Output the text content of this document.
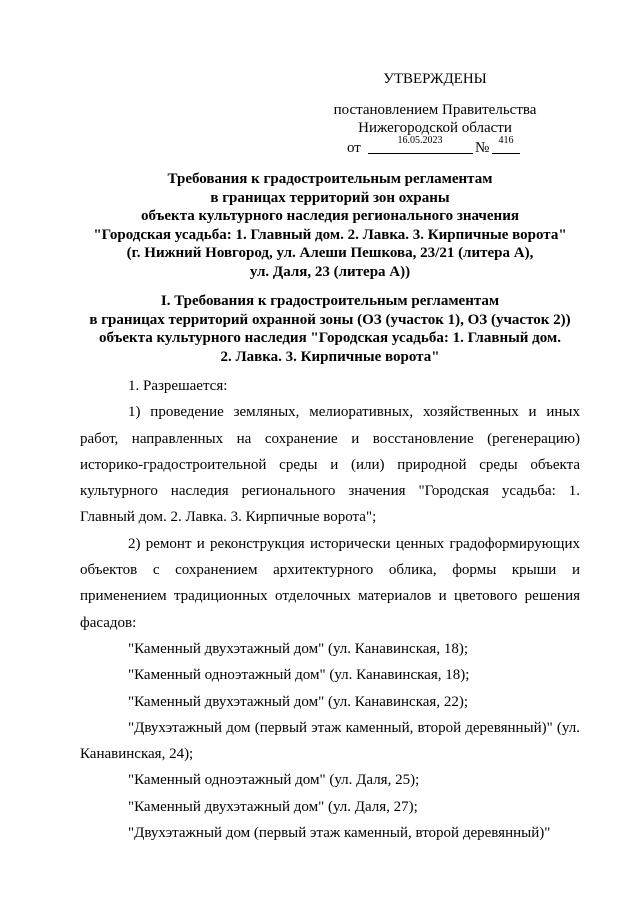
УТВЕРЖДЕНЫ
постановлением Правительства
Нижегородской области
от	16.05.2023	№ 416
Требования к градостроительным регламентам
в границах территорий зон охраны
объекта культурного наследия регионального значения
"Городская усадьба: 1. Главный дом. 2. Лавка. 3. Кирпичные ворота"
(г. Нижний Новгород, ул. Алеши Пешкова, 23/21 (литера А),
ул. Даля, 23 (литера А))
I. Требования к градостроительным регламентам
в границах территорий охранной зоны (ОЗ (участок 1), ОЗ (участок 2))
объекта культурного наследия "Городская усадьба: 1. Главный дом.
2. Лавка. 3. Кирпичные ворота"

1. Разрешается:

1) проведение земляных, мелиоративных, хозяйственных и иных работ, направленных на сохранение и восстановление (регенерацию) историко-градостроительной среды и (или) природной среды объекта культурного наследия регионального значения "Городская усадьба: 1. Главный дом. 2. Лавка. 3. Кирпичные ворота";

2) ремонт и реконструкция исторически ценных градоформирующих объектов с сохранением архитектурного облика, формы крыши и применением традиционных отделочных материалов и цветового решения фасадов:

"Каменный двухэтажный дом" (ул. Канавинская, 18);

"Каменный одноэтажный дом" (ул. Канавинская, 18);

"Каменный двухэтажный дом" (ул. Канавинская, 22);

"Двухэтажный дом (первый этаж каменный, второй деревянный)" (ул. Канавинская, 24);

"Каменный одноэтажный дом" (ул. Даля, 25);

"Каменный двухэтажный дом" (ул. Даля, 27);

"Двухэтажный дом (первый этаж каменный, второй деревянный)"
